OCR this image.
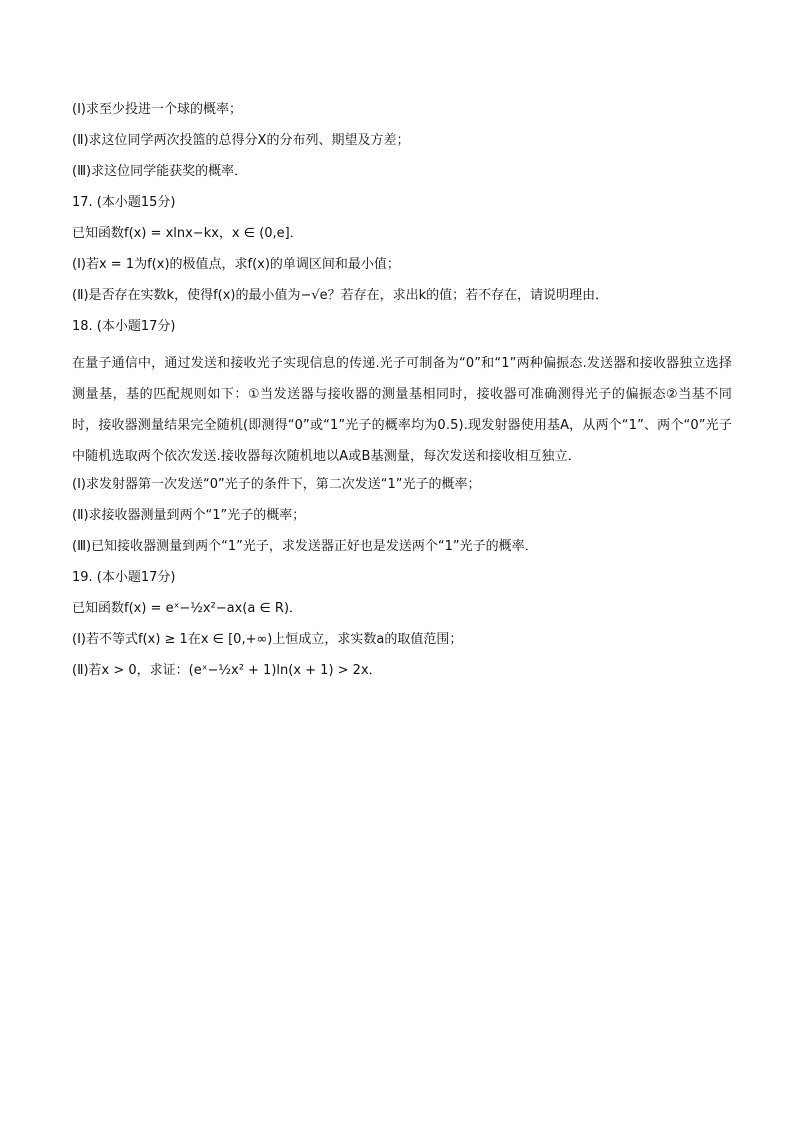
(Ⅰ)求至少投进一个球的概率；
(Ⅱ)求这位同学两次投篮的总得分X的分布列、期望及方差；
(Ⅲ)求这位同学能获奖的概率．
17. (本小题15分)
已知函数f(x) = xlnx−kx，x ∈ (0,e]．
(Ⅰ)若x = 1为f(x)的极值点，求f(x)的单调区间和最小值；
(Ⅱ)是否存在实数k，使得f(x)的最小值为−√e？若存在，求出k的值；若不存在，请说明理由．
18. (本小题17分)
在量子通信中，通过发送和接收光子实现信息的传递.光子可制备为“0”和“1”两种偏振态.发送器和接收器独立选择测量基，基的匹配规则如下：①当发送器与接收器的测量基相同时，接收器可准确测得光子的偏振态②当基不同时，接收器测量结果完全随机(即测得“0”或“1”光子的概率均为0.5).现发射器使用基A，从两个“1”、两个“0”光子中随机选取两个依次发送.接收器每次随机地以A或B基测量，每次发送和接收相互独立．
(Ⅰ)求发射器第一次发送“0”光子的条件下，第二次发送“1”光子的概率；
(Ⅱ)求接收器测量到两个“1”光子的概率；
(Ⅲ)已知接收器测量到两个“1”光子，求发送器正好也是发送两个“1”光子的概率．
19. (本小题17分)
已知函数f(x) = eˣ−½x²−ax(a ∈ R)．
(Ⅰ)若不等式f(x) ≥ 1在x ∈ [0,+∞)上恒成立，求实数a的取值范围；
(Ⅱ)若x > 0，求证：(eˣ−½x² + 1)ln(x + 1) > 2x．
